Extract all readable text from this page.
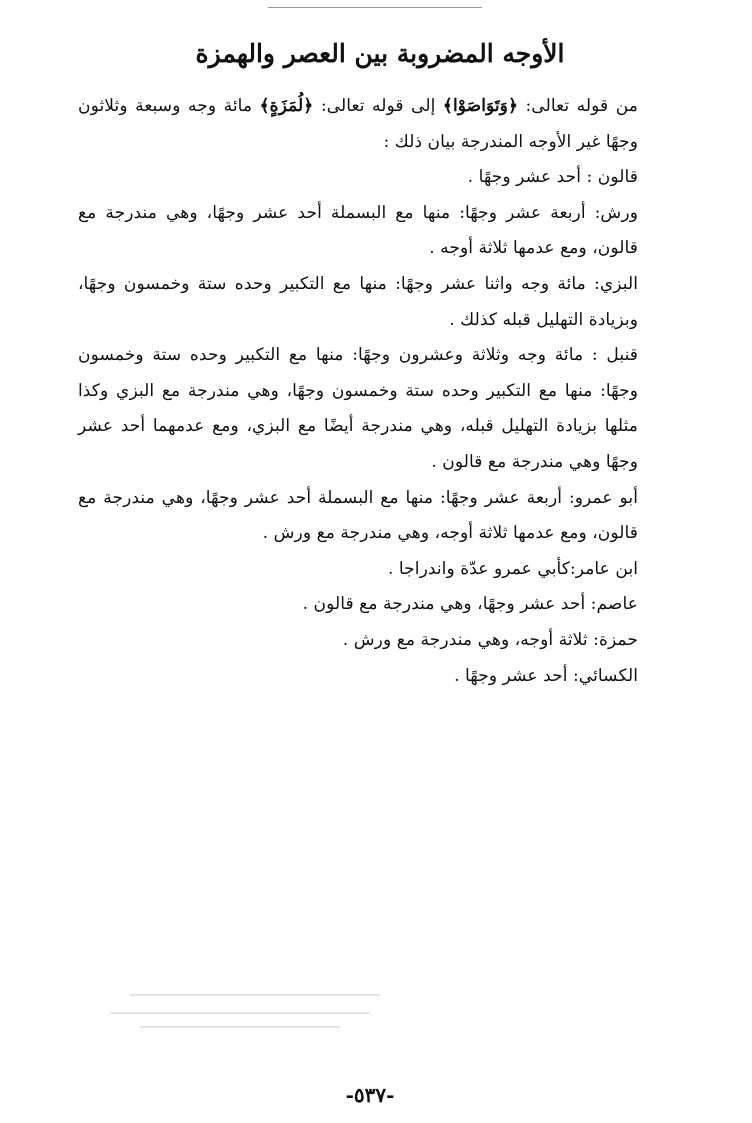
الأوجه المضروبة بين العصر والهمزة

من قوله تعالى: ﴿وَتَوَاصَوْا﴾ إلى قوله تعالى: ﴿لُمَزَةٍ﴾ مائة وجه وسبعة وثلاثون وجهًا غير الأوجه المندرجة بيان ذلك :

قالون : أحد عشر وجهًا .

ورش: أربعة عشر وجهًا: منها مع البسملة أحد عشر وجهًا، وهي مندرجة مع قالون، ومع عدمها ثلاثة أوجه .

البزي: مائة وجه واثنا عشر وجهًا: منها مع التكبير وحده ستة وخمسون وجهًا، وبزيادة التهليل قبله كذلك .

قنبل : مائة وجه وثلاثة وعشرون وجهًا: منها مع التكبير وحده ستة وخمسون وجهًا: منها مع التكبير وحده ستة وخمسون وجهًا، وهي مندرجة مع البزي وكذا مثلها بزيادة التهليل قبله، وهي مندرجة أيضًا مع البزي، ومع عدمهما أحد عشر وجهًا وهي مندرجة مع قالون .

أبو عمرو: أربعة عشر وجهًا: منها مع البسملة أحد عشر وجهًا، وهي مندرجة مع قالون، ومع عدمها ثلاثة أوجه، وهي مندرجة مع ورش .

ابن عامر:كأبي عمرو عدّة واندراجا .

عاصم: أحد عشر وجهًا، وهي مندرجة مع قالون .

حمزة: ثلاثة أوجه، وهي مندرجة مع ورش .

الكسائي: أحد عشر وجهًا .

-٥٣٧-
